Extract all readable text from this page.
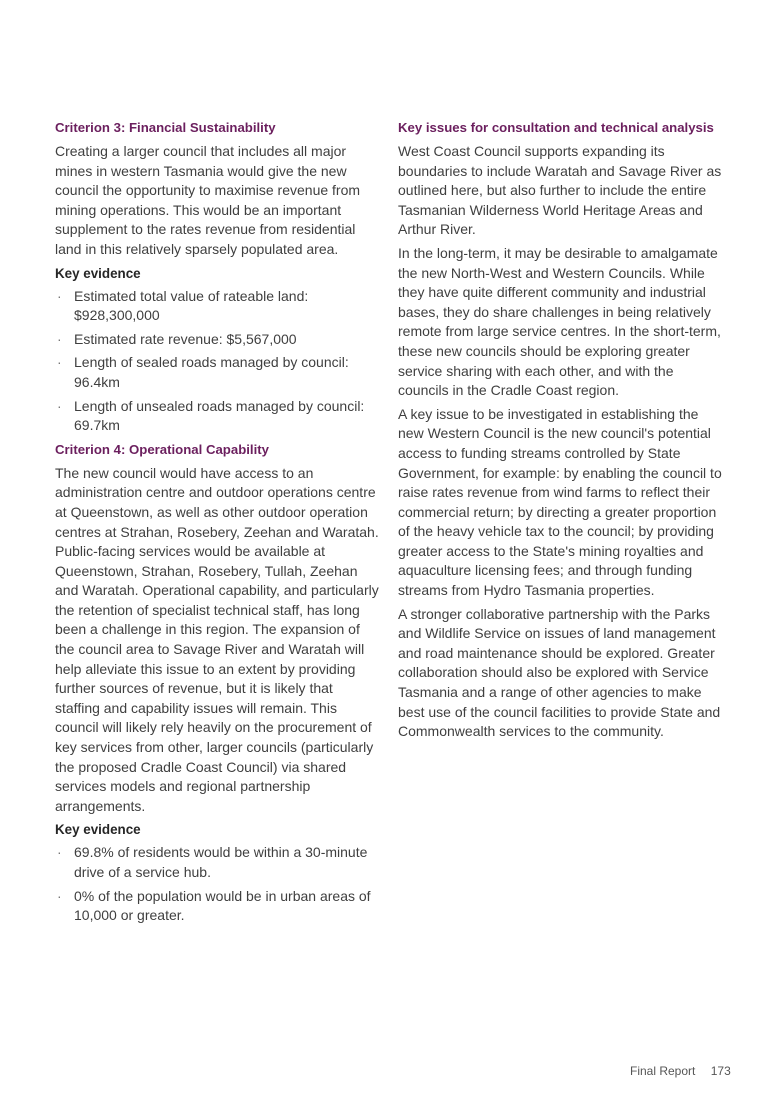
Criterion 3: Financial Sustainability

Creating a larger council that includes all major mines in western Tasmania would give the new council the opportunity to maximise revenue from mining operations. This would be an important supplement to the rates revenue from residential land in this relatively sparsely populated area.

Key evidence
· Estimated total value of rateable land: $928,300,000
· Estimated rate revenue: $5,567,000
· Length of sealed roads managed by council: 96.4km
· Length of unsealed roads managed by council: 69.7km
Criterion 4: Operational Capability

The new council would have access to an administration centre and outdoor operations centre at Queenstown, as well as other outdoor operation centres at Strahan, Rosebery, Zeehan and Waratah. Public-facing services would be available at Queenstown, Strahan, Rosebery, Tullah, Zeehan and Waratah. Operational capability, and particularly the retention of specialist technical staff, has long been a challenge in this region. The expansion of the council area to Savage River and Waratah will help alleviate this issue to an extent by providing further sources of revenue, but it is likely that staffing and capability issues will remain. This council will likely rely heavily on the procurement of key services from other, larger councils (particularly the proposed Cradle Coast Council) via shared services models and regional partnership arrangements.

Key evidence
· 69.8% of residents would be within a 30-minute drive of a service hub.
· 0% of the population would be in urban areas of 10,000 or greater.
Key issues for consultation and technical analysis

West Coast Council supports expanding its boundaries to include Waratah and Savage River as outlined here, but also further to include the entire Tasmanian Wilderness World Heritage Areas and Arthur River.

In the long-term, it may be desirable to amalgamate the new North-West and Western Councils. While they have quite different community and industrial bases, they do share challenges in being relatively remote from large service centres. In the short-term, these new councils should be exploring greater service sharing with each other, and with the councils in the Cradle Coast region.

A key issue to be investigated in establishing the new Western Council is the new council's potential access to funding streams controlled by State Government, for example: by enabling the council to raise rates revenue from wind farms to reflect their commercial return; by directing a greater proportion of the heavy vehicle tax to the council; by providing greater access to the State's mining royalties and aquaculture licensing fees; and through funding streams from Hydro Tasmania properties.

A stronger collaborative partnership with the Parks and Wildlife Service on issues of land management and road maintenance should be explored. Greater collaboration should also be explored with Service Tasmania and a range of other agencies to make best use of the council facilities to provide State and Commonwealth services to the community.

Final Report 173
